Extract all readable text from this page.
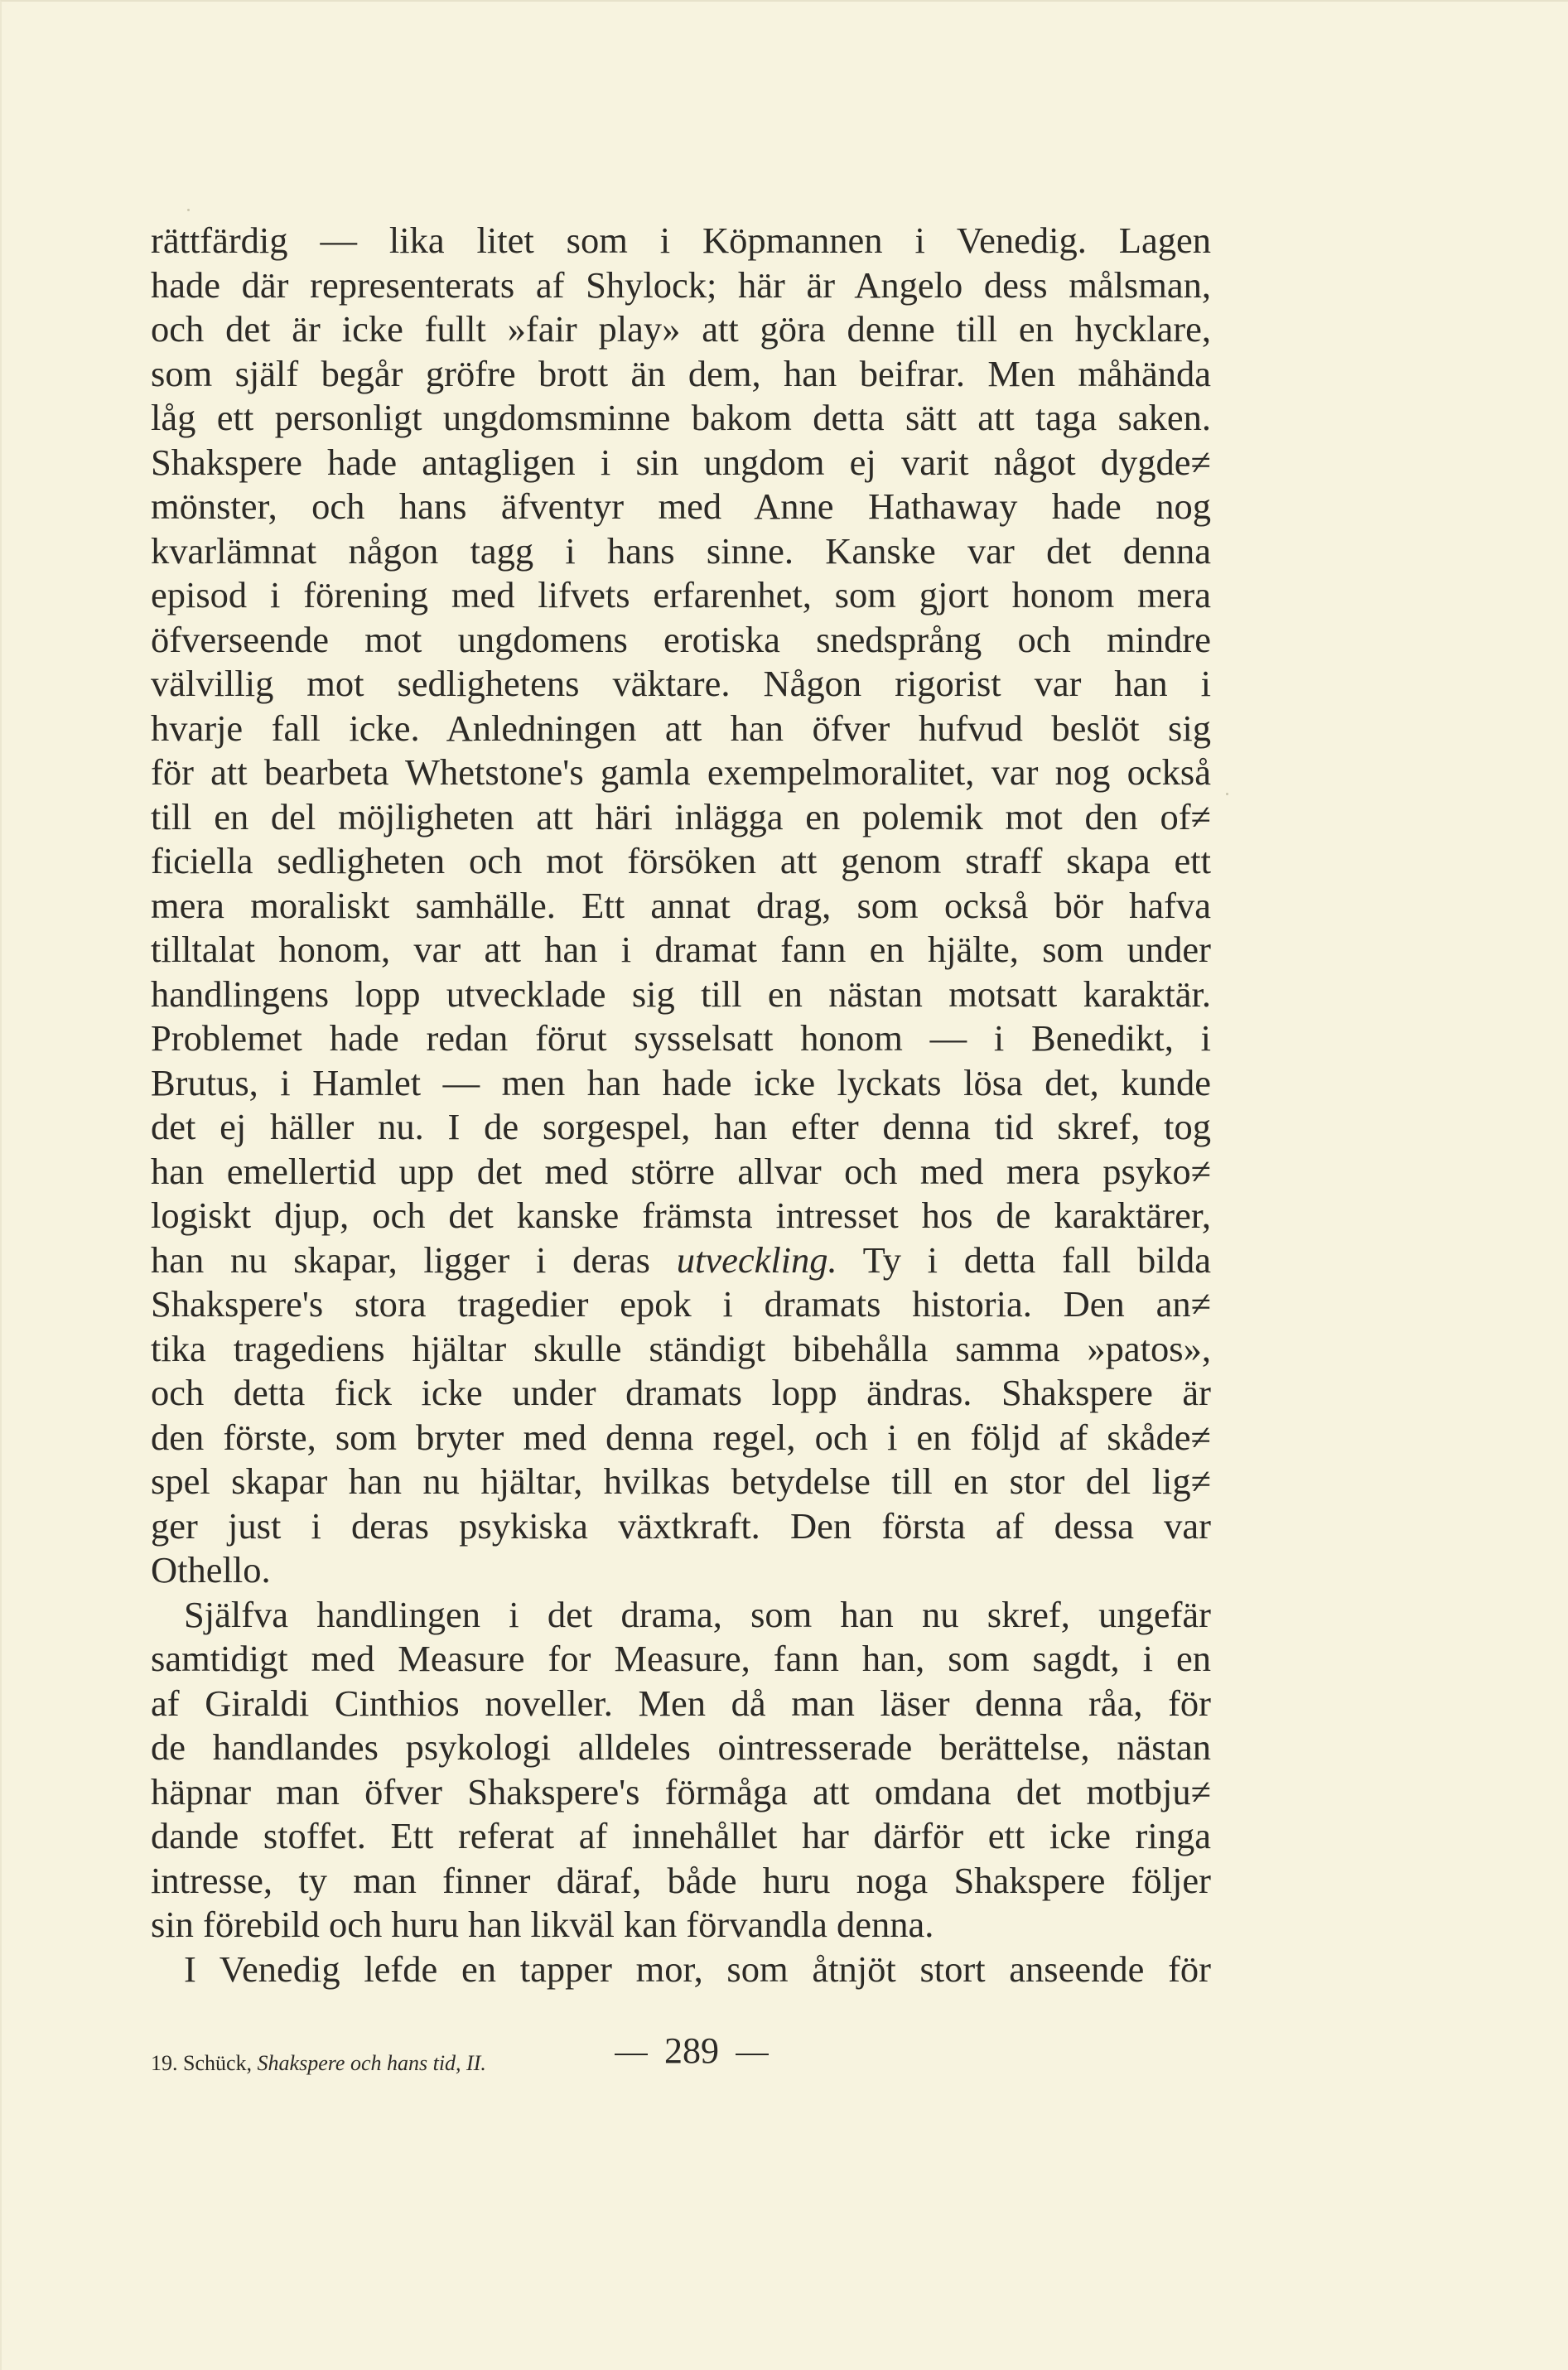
rättfärdig — lika litet som i Köpmannen i Venedig. Lagen
hade där representerats af Shylock; här är Angelo dess målsman,
och det är icke fullt »fair play» att göra denne till en hycklare,
som själf begår gröfre brott än dem, han beifrar. Men måhända
låg ett personligt ungdomsminne bakom detta sätt att taga saken.
Shakspere hade antagligen i sin ungdom ej varit något dygde≠
mönster, och hans äfventyr med Anne Hathaway hade nog
kvarlämnat någon tagg i hans sinne. Kanske var det denna
episod i förening med lifvets erfarenhet, som gjort honom mera
öfverseende mot ungdomens erotiska snedsprång och mindre
välvillig mot sedlighetens väktare. Någon rigorist var han i
hvarje fall icke. Anledningen att han öfver hufvud beslöt sig
för att bearbeta Whetstone's gamla exempelmoralitet, var nog också
till en del möjligheten att häri inlägga en polemik mot den of≠
ficiella sedligheten och mot försöken att genom straff skapa ett
mera moraliskt samhälle. Ett annat drag, som också bör hafva
tilltalat honom, var att han i dramat fann en hjälte, som under
handlingens lopp utvecklade sig till en nästan motsatt karaktär.
Problemet hade redan förut sysselsatt honom — i Benedikt, i
Brutus, i Hamlet — men han hade icke lyckats lösa det, kunde
det ej häller nu. I de sorgespel, han efter denna tid skref, tog
han emellertid upp det med större allvar och med mera psyko≠
logiskt djup, och det kanske främsta intresset hos de karaktärer,
han nu skapar, ligger i deras utveckling. Ty i detta fall bilda
Shakspere's stora tragedier epok i dramats historia. Den an≠
tika tragediens hjältar skulle ständigt bibehålla samma »patos»,
och detta fick icke under dramats lopp ändras. Shakspere är
den förste, som bryter med denna regel, och i en följd af skåde≠
spel skapar han nu hjältar, hvilkas betydelse till en stor del lig≠
ger just i deras psykiska växtkraft. Den första af dessa var
Othello.
Själfva handlingen i det drama, som han nu skref, ungefär
samtidigt med Measure for Measure, fann han, som sagdt, i en
af Giraldi Cinthios noveller. Men då man läser denna råa, för
de handlandes psykologi alldeles ointresserade berättelse, nästan
häpnar man öfver Shakspere's förmåga att omdana det motbju≠
dande stoffet. Ett referat af innehållet har därför ett icke ringa
intresse, ty man finner däraf, både huru noga Shakspere följer
sin förebild och huru han likväl kan förvandla denna.
I Venedig lefde en tapper mor, som åtnjöt stort anseende för
19. Schück, Shakspere och hans tid, II.	289
